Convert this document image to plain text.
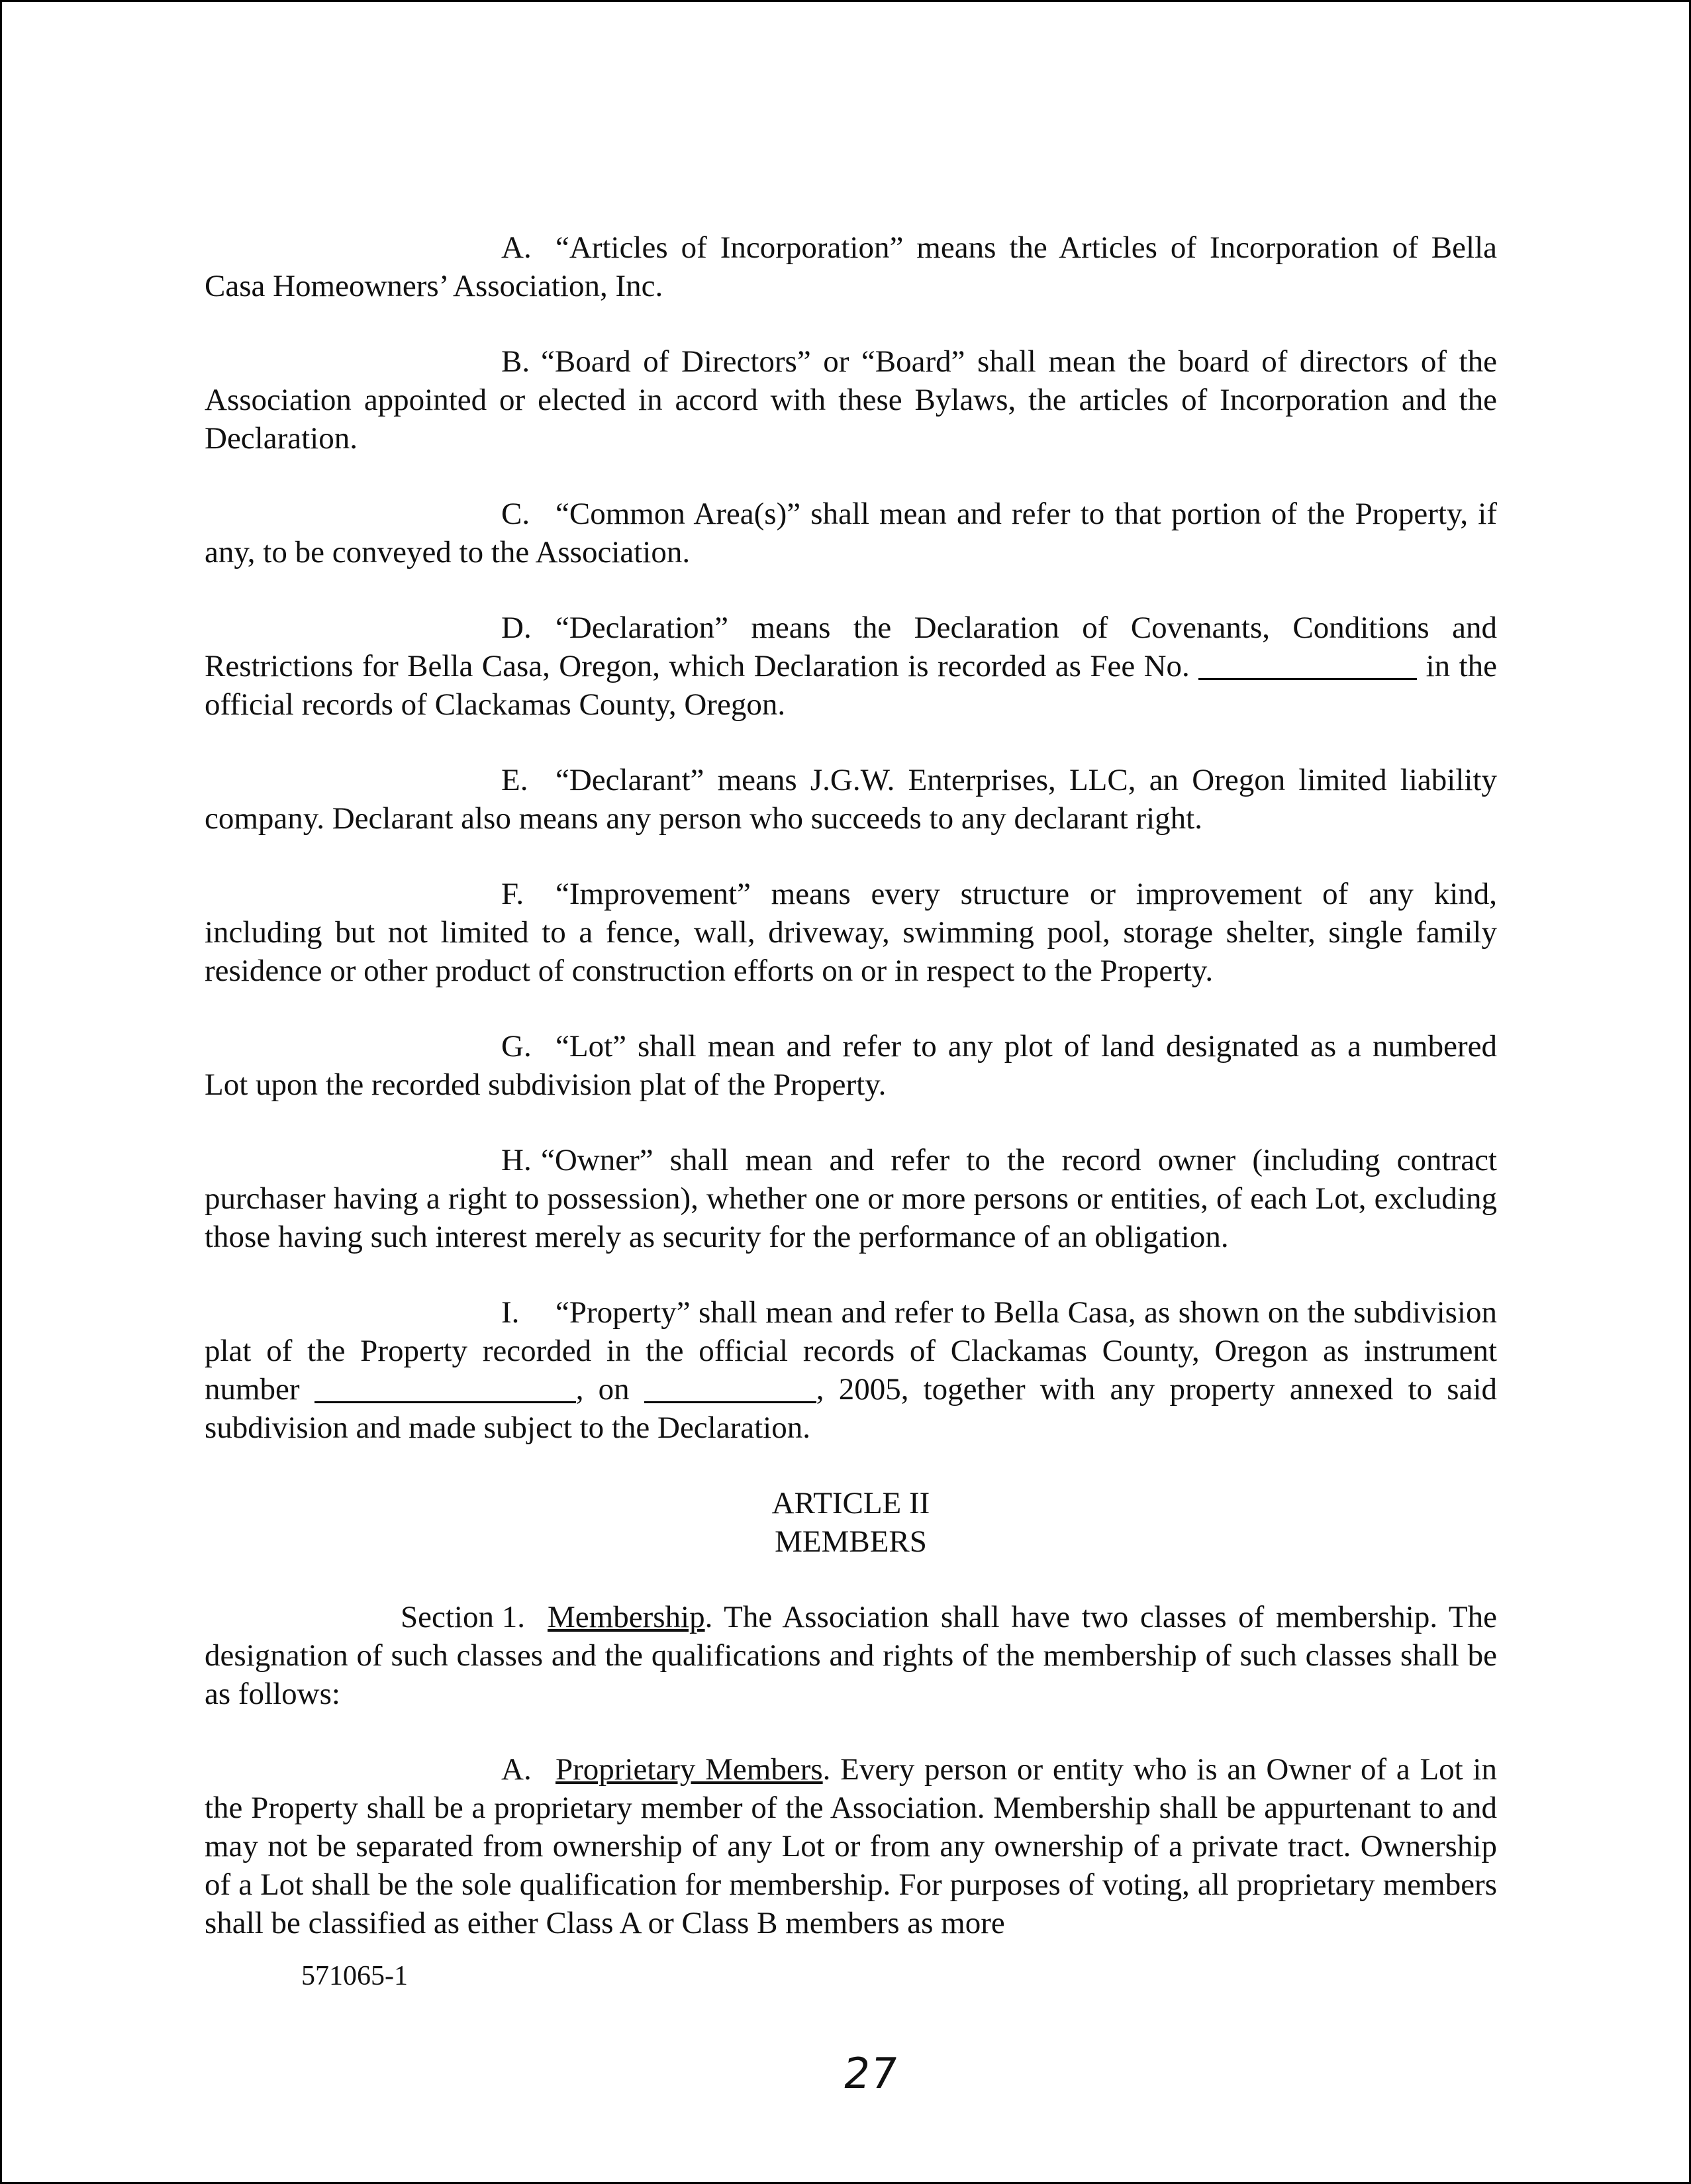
A. “Articles of Incorporation” means the Articles of Incorporation of Bella Casa Homeowners’ Association, Inc.

B. “Board of Directors” or “Board” shall mean the board of directors of the Association appointed or elected in accord with these Bylaws, the articles of Incorporation and the Declaration.

C. “Common Area(s)” shall mean and refer to that portion of the Property, if any, to be conveyed to the Association.

D. “Declaration” means the Declaration of Covenants, Conditions and Restrictions for Bella Casa, Oregon, which Declaration is recorded as Fee No.	in the official records of Clackamas County, Oregon.

E. “Declarant” means J.G.W. Enterprises, LLC, an Oregon limited liability company. Declarant also means any person who succeeds to any declarant right.

F. “Improvement” means every structure or improvement of any kind, including but not limited to a fence, wall, driveway, swimming pool, storage shelter, single family residence or other product of construction efforts on or in respect to the Property.

G. “Lot” shall mean and refer to any plot of land designated as a numbered Lot upon the recorded subdivision plat of the Property.

H. “Owner” shall mean and refer to the record owner (including contract purchaser having a right to possession), whether one or more persons or entities, of each Lot, excluding those having such interest merely as security for the performance of an obligation.

I. “Property” shall mean and refer to Bella Casa, as shown on the subdivision plat of the Property recorded in the official records of Clackamas County, Oregon as instrument number	, on	, 2005, together with any property annexed to said subdivision and made subject to the Declaration.

ARTICLE II
MEMBERS

Section 1. Membership. The Association shall have two classes of membership. The designation of such classes and the qualifications and rights of the membership of such classes shall be as follows:

A. Proprietary Members. Every person or entity who is an Owner of a Lot in the Property shall be a proprietary member of the Association. Membership shall be appurtenant to and may not be separated from ownership of any Lot or from any ownership of a private tract. Ownership of a Lot shall be the sole qualification for membership. For purposes of voting, all proprietary members shall be classified as either Class A or Class B members as more

571065-1
27
